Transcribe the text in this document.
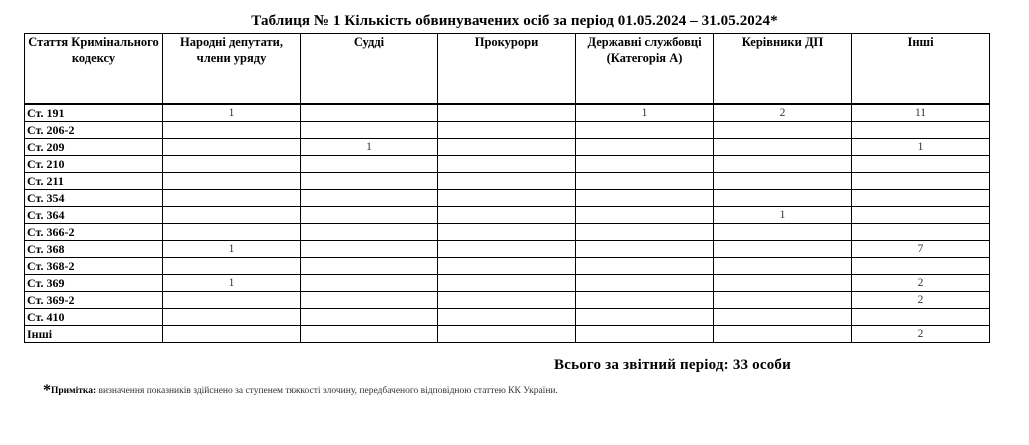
Таблиця № 1 Кількість обвинувачених осіб за період 01.05.2024 – 31.05.2024*
Стаття Кримінального кодексу	Народні депутати, члени уряду	Судді	Прокурори	Державні службовці (Категорія А)	Керівники ДП	Інші
Ст. 191	1			1	2	11
Ст. 206-2						
Ст. 209		1				1
Ст. 210						
Ст. 211						
Ст. 354						
Ст. 364					1	
Ст. 366-2						
Ст. 368	1					7
Ст. 368-2						
Ст. 369	1					2
Ст. 369-2						2
Ст. 410						
Інші						2
Всього за звітний період: 33 особи
*Примітка: визначення показників здійснено за ступенем тяжкості злочину, передбаченого відповідною статтею КК України.
